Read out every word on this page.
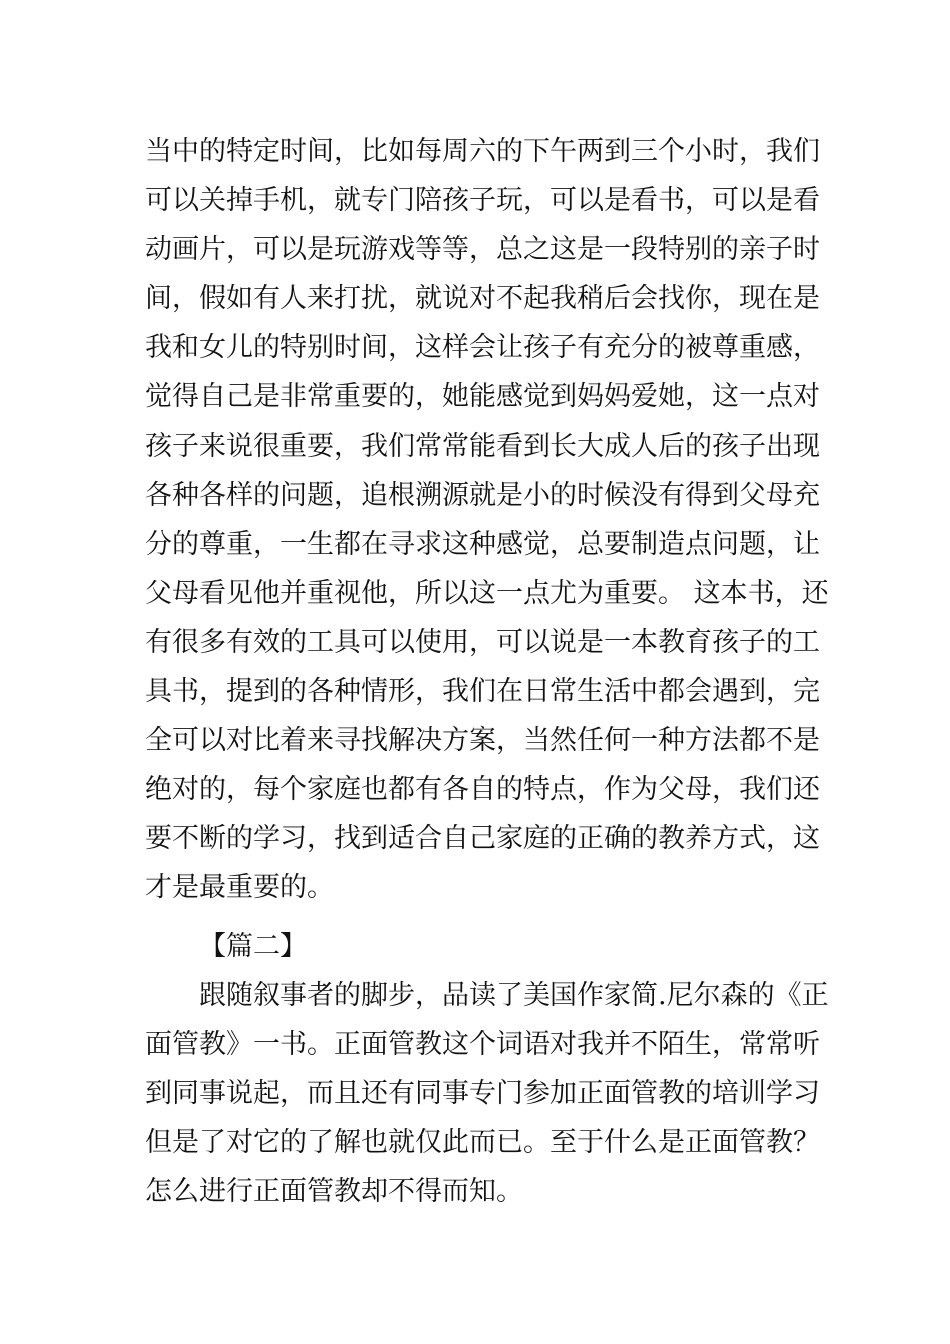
当中的特定时间，比如每周六的下午两到三个小时，我们
可以关掉手机，就专门陪孩子玩，可以是看书，可以是看
动画片，可以是玩游戏等等，总之这是一段特别的亲子时
间，假如有人来打扰，就说对不起我稍后会找你，现在是
我和女儿的特别时间，这样会让孩子有充分的被尊重感，
觉得自己是非常重要的，她能感觉到妈妈爱她，这一点对
孩子来说很重要，我们常常能看到长大成人后的孩子出现
各种各样的问题，追根溯源就是小的时候没有得到父母充
分的尊重，一生都在寻求这种感觉，总要制造点问题，让
父母看见他并重视他，所以这一点尤为重要。 这本书，还
有很多有效的工具可以使用，可以说是一本教育孩子的工
具书，提到的各种情形，我们在日常生活中都会遇到，完
全可以对比着来寻找解决方案，当然任何一种方法都不是
绝对的，每个家庭也都有各自的特点，作为父母，我们还
要不断的学习，找到适合自己家庭的正确的教养方式，这
才是最重要的。
【篇二】
跟随叙事者的脚步，品读了美国作家简.尼尔森的《正
面管教》一书。正面管教这个词语对我并不陌生，常常听
到同事说起，而且还有同事专门参加正面管教的培训学习
但是了对它的了解也就仅此而已。至于什么是正面管教？
怎么进行正面管教却不得而知。
